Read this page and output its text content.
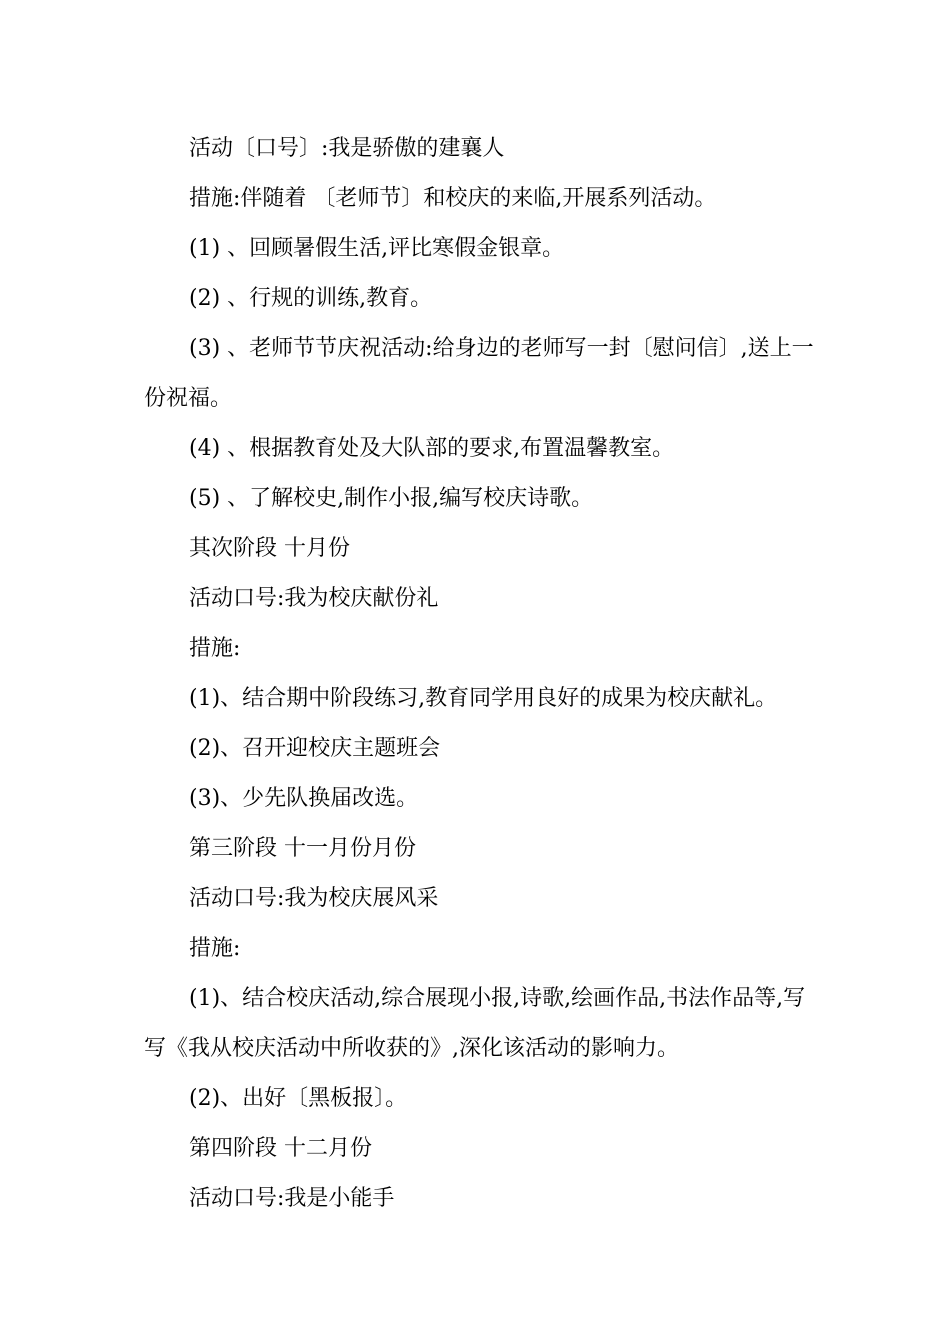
活动〔口号〕:我是骄傲的建襄人

措施:伴随着 〔老师节〕和校庆的来临,开展系列活动。

(1) 、回顾暑假生活,评比寒假金银章。

(2) 、行规的训练,教育。

(3) 、老师节节庆祝活动:给身边的老师写一封〔慰问信〕,送上一份祝福。

(4) 、根据教育处及大队部的要求,布置温馨教室。

(5) 、了解校史,制作小报,编写校庆诗歌。

其次阶段 十月份

活动口号:我为校庆献份礼

措施:

(1)、结合期中阶段练习,教育同学用良好的成果为校庆献礼。

(2)、召开迎校庆主题班会

(3)、少先队换届改选。

第三阶段 十一月份月份

活动口号:我为校庆展风采

措施:

(1)、结合校庆活动,综合展现小报,诗歌,绘画作品,书法作品等,写写《我从校庆活动中所收获的》,深化该活动的影响力。

(2)、出好〔黑板报〕。

第四阶段 十二月份

活动口号:我是小能手
